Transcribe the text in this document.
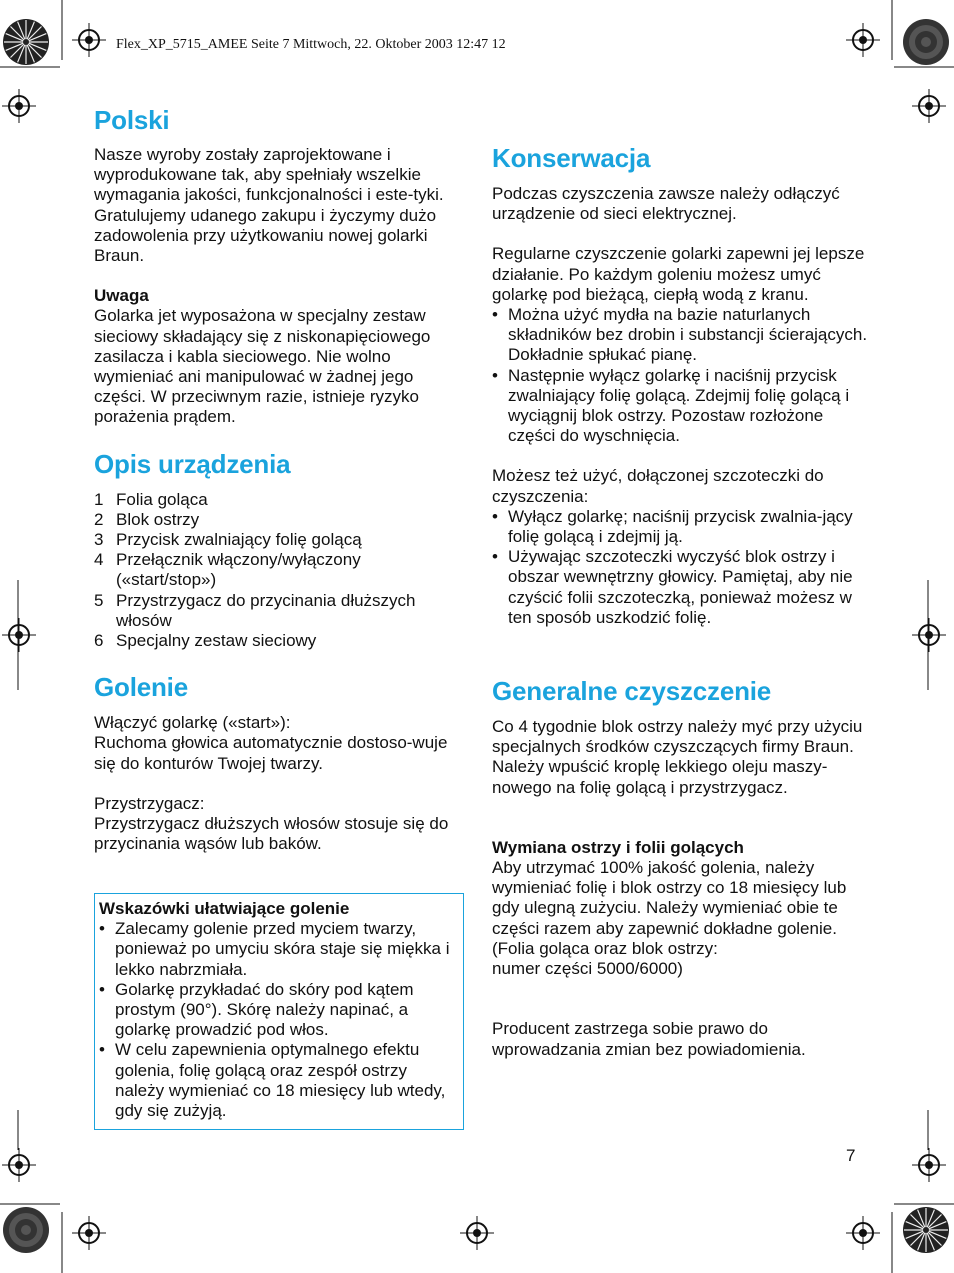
Flex_XP_5715_AMEE Seite 7 Mittwoch, 22. Oktober 2003 12:47 12
Polski

Nasze wyroby zostały zaprojektowane i wyprodukowane tak, aby spełniały wszelkie wymagania jakości, funkcjonalności i este-tyki. Gratulujemy udanego zakupu i życzymy dużo zadowolenia przy użytkowaniu nowej golarki Braun.

Uwaga

Golarka jet wyposażona w specjalny zestaw sieciowy składający się z niskonapięciowego zasilacza i kabla sieciowego. Nie wolno wymieniać ani manipulować w żadnej jego części. W przeciwnym razie, istnieje ryzyko porażenia prądem.

Opis urządzenia
1 Folia goląca
2 Blok ostrzy
3 Przycisk zwalniający folię golącą
4 Przełącznik włączony/wyłączony («start/stop»)
5 Przystrzygacz do przycinania dłuższych włosów
6 Specjalny zestaw sieciowy
Golenie

Włączyć golarkę («start»):

Ruchoma głowica automatycznie dostoso-wuje się do konturów Twojej twarzy.

Przystrzygacz:

Przystrzygacz dłuższych włosów stosuje się do przycinania wąsów lub baków.

Wskazówki ułatwiające golenie

• Zalecamy golenie przed myciem twarzy, ponieważ po umyciu skóra staje się miękka i lekko nabrzmiała.
• Golarkę przykładać do skóry pod kątem prostym (90°). Skórę należy napinać, a golarkę prowadzić pod włos.
• W celu zapewnienia optymalnego efektu golenia, folię golącą oraz zespół ostrzy należy wymieniać co 18 miesięcy lub wtedy, gdy się zużyją.
Konserwacja

Podczas czyszczenia zawsze należy odłączyć urządzenie od sieci elektrycznej.

Regularne czyszczenie golarki zapewni jej lepsze działanie. Po każdym goleniu możesz umyć golarkę pod bieżącą, ciepłą wodą z kranu.

• Można użyć mydła na bazie naturlanych składników bez drobin i substancji ścierających. Dokładnie spłukać pianę.
• Następnie wyłącz golarkę i naciśnij przycisk zwalniający folię golącą. Zdejmij folię golącą i wyciągnij blok ostrzy. Pozostaw rozłożone części do wyschnięcia.

Możesz też użyć, dołączonej szczoteczki do czyszczenia:

• Wyłącz golarkę; naciśnij przycisk zwalnia-jący folię golącą i zdejmij ją.
• Używając szczoteczki wyczyść blok ostrzy i obszar wewnętrzny głowicy. Pamiętaj, aby nie czyścić folii szczoteczką, ponieważ możesz w ten sposób uszkodzić folię.
Generalne czyszczenie

Co 4 tygodnie blok ostrzy należy myć przy użyciu specjalnych środków czyszczących firmy Braun.

Należy wpuścić kroplę lekkiego oleju maszy-nowego na folię golącą i przystrzygacz.

Wymiana ostrzy i folii golących

Aby utrzymać 100% jakość golenia, należy wymieniać folię i blok ostrzy co 18 miesięcy lub gdy ulegną zużyciu. Należy wymieniać obie te części razem aby zapewnić dokładne golenie.

(Folia goląca oraz blok ostrzy:

numer części 5000/6000)

Producent zastrzega sobie prawo do wprowadzania zmian bez powiadomienia.

7
